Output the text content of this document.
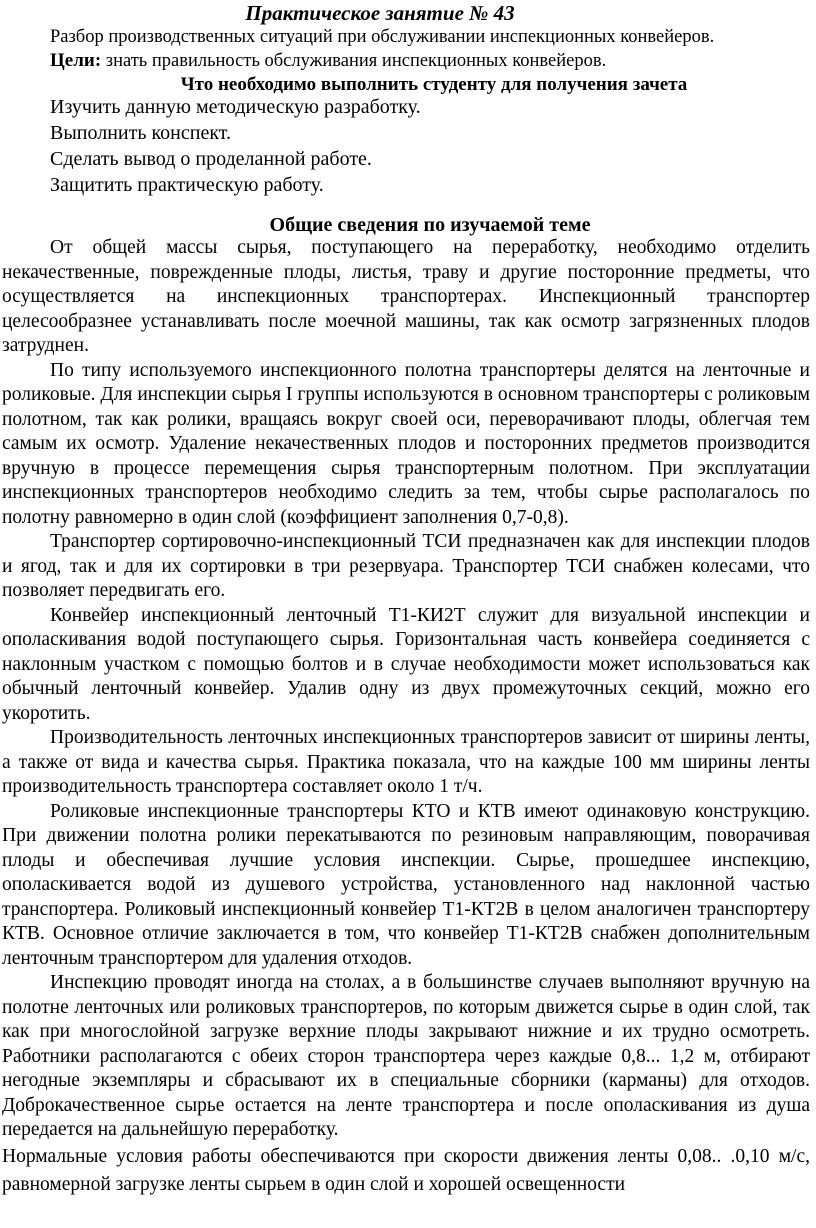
Практическое занятие № 43
Разбор производственных ситуаций при обслуживании инспекционных конвейеров.
Цели: знать правильность обслуживания инспекционных конвейеров.
Что необходимо выполнить студенту для получения зачета
Изучить данную методическую разработку.
Выполнить конспект.
Сделать вывод о проделанной работе.
Защитить практическую работу.
Общие сведения по изучаемой теме

От общей массы сырья, поступающего на переработку, необходимо отделить некачественные, поврежденные плоды, листья, траву и другие посторонние предметы, что осуществляется на инспекционных транспортерах. Инспекционный транспортер целесообразнее устанавливать после моечной машины, так как осмотр загрязненных плодов затруднен.

По типу используемого инспекционного полотна транспортеры делятся на ленточные и роликовые. Для инспекции сырья I группы используются в основном транспортеры с роликовым полотном, так как ролики, вращаясь вокруг своей оси, переворачивают плоды, облегчая тем самым их осмотр. Удаление некачественных плодов и посторонних предметов производится вручную в процессе перемещения сырья транспортерным полотном. При эксплуатации инспекционных транспортеров необходимо следить за тем, чтобы сырье располагалось по полотну равномерно в один слой (коэффициент заполнения 0,7-0,8).

Транспортер сортировочно-инспекционный ТСИ предназначен как для инспекции плодов и ягод, так и для их сортировки в три резервуара. Транспортер ТСИ снабжен колесами, что позволяет передвигать его.

Конвейер инспекционный ленточный Т1-КИ2Т служит для визуальной инспекции и ополаскивания водой поступающего сырья. Горизонтальная часть конвейера соединяется с наклонным участком с помощью болтов и в случае необходимости может использоваться как обычный ленточный конвейер. Удалив одну из двух промежуточных секций, можно его укоротить.

Производительность ленточных инспекционных транспортеров зависит от ширины ленты, а также от вида и качества сырья. Практика показала, что на каждые 100 мм ширины ленты производительность транспортера составляет около 1 т/ч.

Роликовые инспекционные транспортеры КТО и КТВ имеют одинаковую конструкцию. При движении полотна ролики перекатываются по резиновым направляющим, поворачивая плоды и обеспечивая лучшие условия инспекции. Сырье, прошедшее инспекцию, ополаскивается водой из душевого устройства, установленного над наклонной частью транспортера. Роликовый инспекционный конвейер Т1-КТ2В в целом аналогичен транспортеру КТВ. Основное отличие заключается в том, что конвейер Т1-КТ2В снабжен дополнительным ленточным транспортером для удаления отходов.

Инспекцию проводят иногда на столах, а в большинстве случаев выполняют вручную на полотне ленточных или роликовых транспортеров, по которым движется сырье в один слой, так как при многослойной загрузке верхние плоды закрывают нижние и их трудно осмотреть. Работники располагаются с обеих сторон транспортера через каждые 0,8... 1,2 м, отбирают негодные экземпляры и сбрасывают их в специальные сборники (карманы) для отходов. Доброкачественное сырье остается на ленте транспортера и после ополаскивания из душа передается на дальнейшую переработку.

Нормальные условия работы обеспечиваются при скорости движения ленты 0,08.. .0,10 м/с, равномерной загрузке ленты сырьем в один слой и хорошей освещенности
